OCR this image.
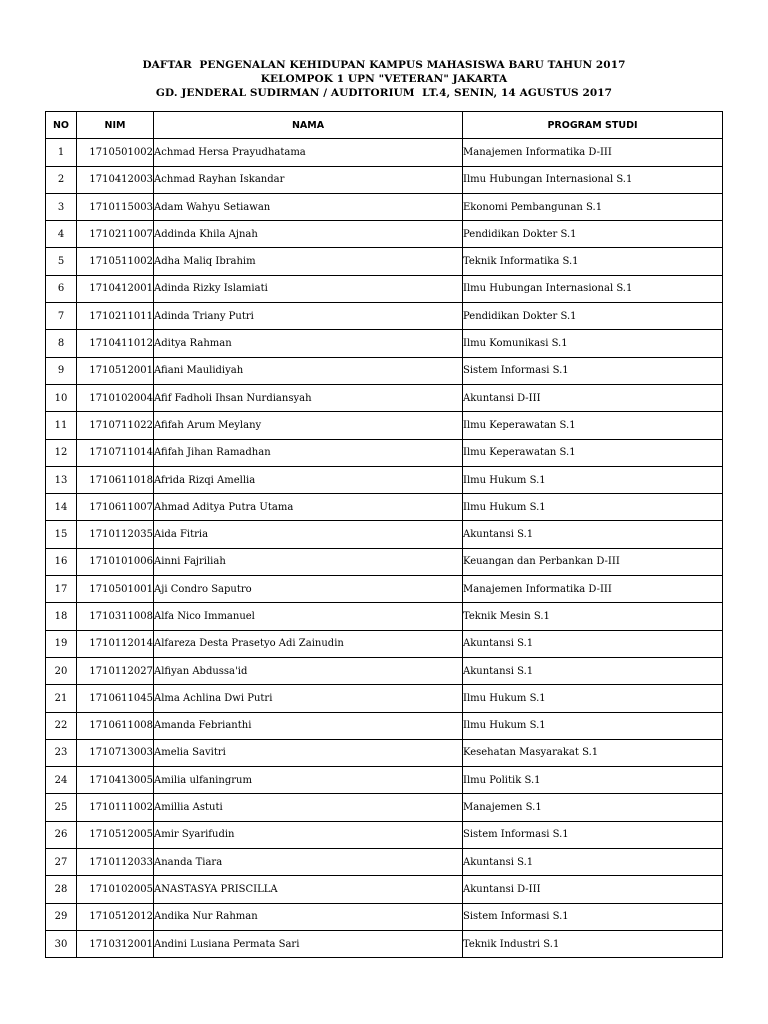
DAFTAR  PENGENALAN KEHIDUPAN KAMPUS MAHASISWA BARU TAHUN 2017
KELOMPOK 1 UPN "VETERAN" JAKARTA
GD. JENDERAL SUDIRMAN / AUDITORIUM  LT.4, SENIN, 14 AGUSTUS 2017
NO	NIM	NAMA	PROGRAM STUDI
1	1710501002	Achmad Hersa Prayudhatama	Manajemen Informatika D-III
2	1710412003	Achmad Rayhan Iskandar	Ilmu Hubungan Internasional S.1
3	1710115003	Adam Wahyu Setiawan	Ekonomi Pembangunan S.1
4	1710211007	Addinda Khila Ajnah	Pendidikan Dokter S.1
5	1710511002	Adha Maliq Ibrahim	Teknik Informatika S.1
6	1710412001	Adinda Rizky Islamiati	Ilmu Hubungan Internasional S.1
7	1710211011	Adinda Triany Putri	Pendidikan Dokter S.1
8	1710411012	Aditya Rahman	Ilmu Komunikasi S.1
9	1710512001	Afiani Maulidiyah	Sistem Informasi S.1
10	1710102004	Afif Fadholi Ihsan Nurdiansyah	Akuntansi D-III
11	1710711022	Afifah Arum Meylany	Ilmu Keperawatan S.1
12	1710711014	Afifah Jihan Ramadhan	Ilmu Keperawatan S.1
13	1710611018	Afrida Rizqi Amellia	Ilmu Hukum S.1
14	1710611007	Ahmad Aditya Putra Utama	Ilmu Hukum S.1
15	1710112035	Aida Fitria	Akuntansi S.1
16	1710101006	Ainni Fajriliah	Keuangan dan Perbankan D-III
17	1710501001	Aji Condro Saputro	Manajemen Informatika D-III
18	1710311008	Alfa Nico Immanuel	Teknik Mesin S.1
19	1710112014	Alfareza Desta Prasetyo Adi Zainudin	Akuntansi S.1
20	1710112027	Alfiyan Abdussa'id	Akuntansi S.1
21	1710611045	Alma Achlina Dwi Putri	Ilmu Hukum S.1
22	1710611008	Amanda Febrianthi	Ilmu Hukum S.1
23	1710713003	Amelia Savitri	Kesehatan Masyarakat S.1
24	1710413005	Amilia ulfaningrum	Ilmu Politik S.1
25	1710111002	Amillia Astuti	Manajemen S.1
26	1710512005	Amir Syarifudin	Sistem Informasi S.1
27	1710112033	Ananda Tiara	Akuntansi S.1
28	1710102005	ANASTASYA PRISCILLA	Akuntansi D-III
29	1710512012	Andika Nur Rahman	Sistem Informasi S.1
30	1710312001	Andini Lusiana Permata Sari	Teknik Industri S.1
